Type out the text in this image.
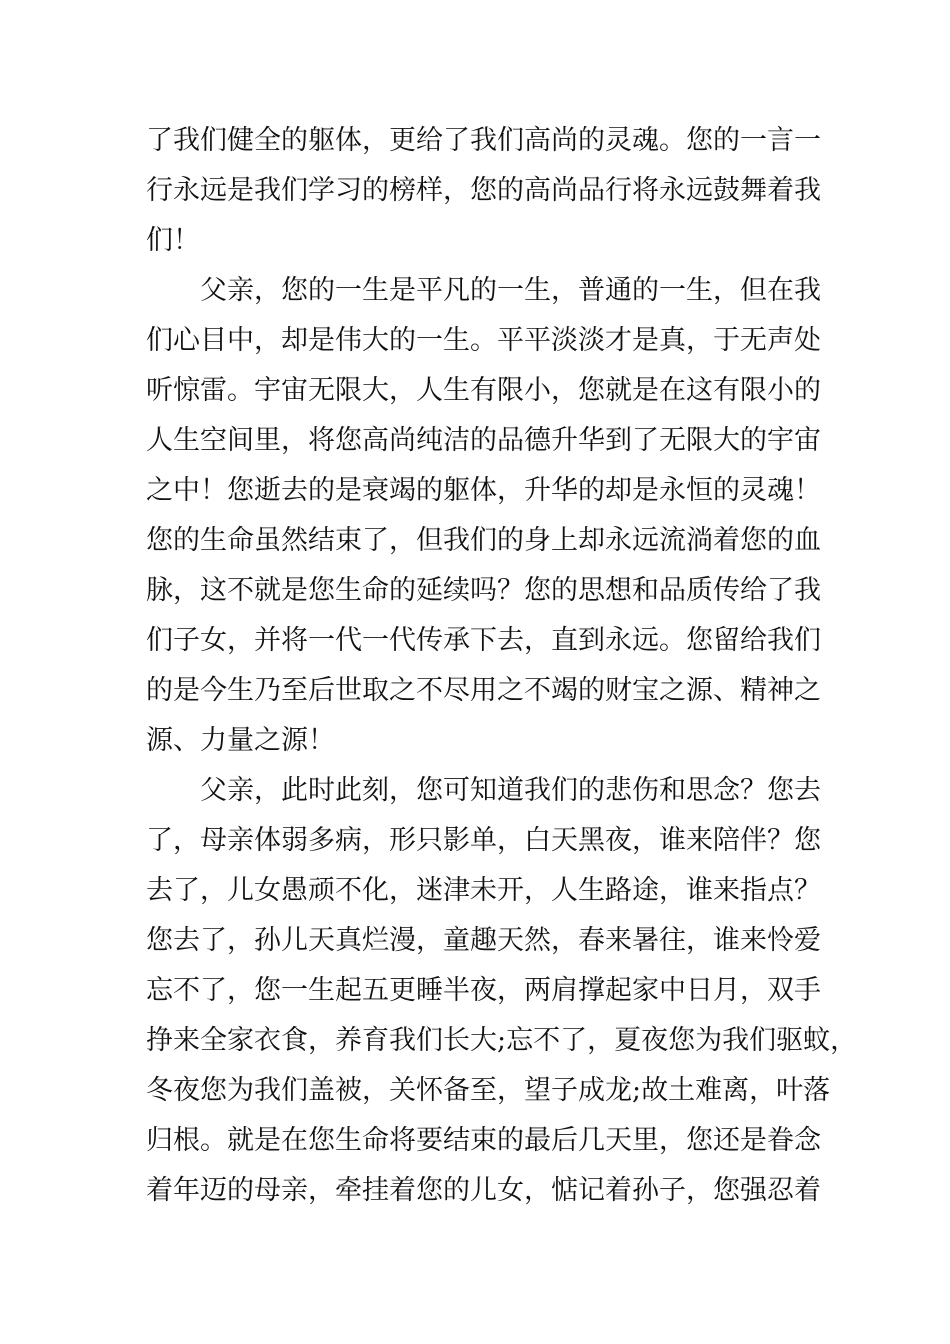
了我们健全的躯体，更给了我们高尚的灵魂。您的一言一
行永远是我们学习的榜样，您的高尚品行将永远鼓舞着我
们！
父亲，您的一生是平凡的一生，普通的一生，但在我
们心目中，却是伟大的一生。平平淡淡才是真，于无声处
听惊雷。宇宙无限大，人生有限小，您就是在这有限小的
人生空间里，将您高尚纯洁的品德升华到了无限大的宇宙
之中！您逝去的是衰竭的躯体，升华的却是永恒的灵魂！
您的生命虽然结束了，但我们的身上却永远流淌着您的血
脉，这不就是您生命的延续吗？您的思想和品质传给了我
们子女，并将一代一代传承下去，直到永远。您留给我们
的是今生乃至后世取之不尽用之不竭的财宝之源、精神之
源、力量之源！
父亲，此时此刻，您可知道我们的悲伤和思念？您去
了，母亲体弱多病，形只影单，白天黑夜，谁来陪伴？您
去了，儿女愚顽不化，迷津未开，人生路途，谁来指点？
您去了，孙儿天真烂漫，童趣天然，春来暑往，谁来怜爱
忘不了，您一生起五更睡半夜，两肩撑起家中日月，双手
挣来全家衣食，养育我们长大;忘不了，夏夜您为我们驱蚊，
冬夜您为我们盖被，关怀备至，望子成龙;故土难离，叶落
归根。就是在您生命将要结束的最后几天里，您还是眷念
着年迈的母亲，牵挂着您的儿女，惦记着孙子，您强忍着
